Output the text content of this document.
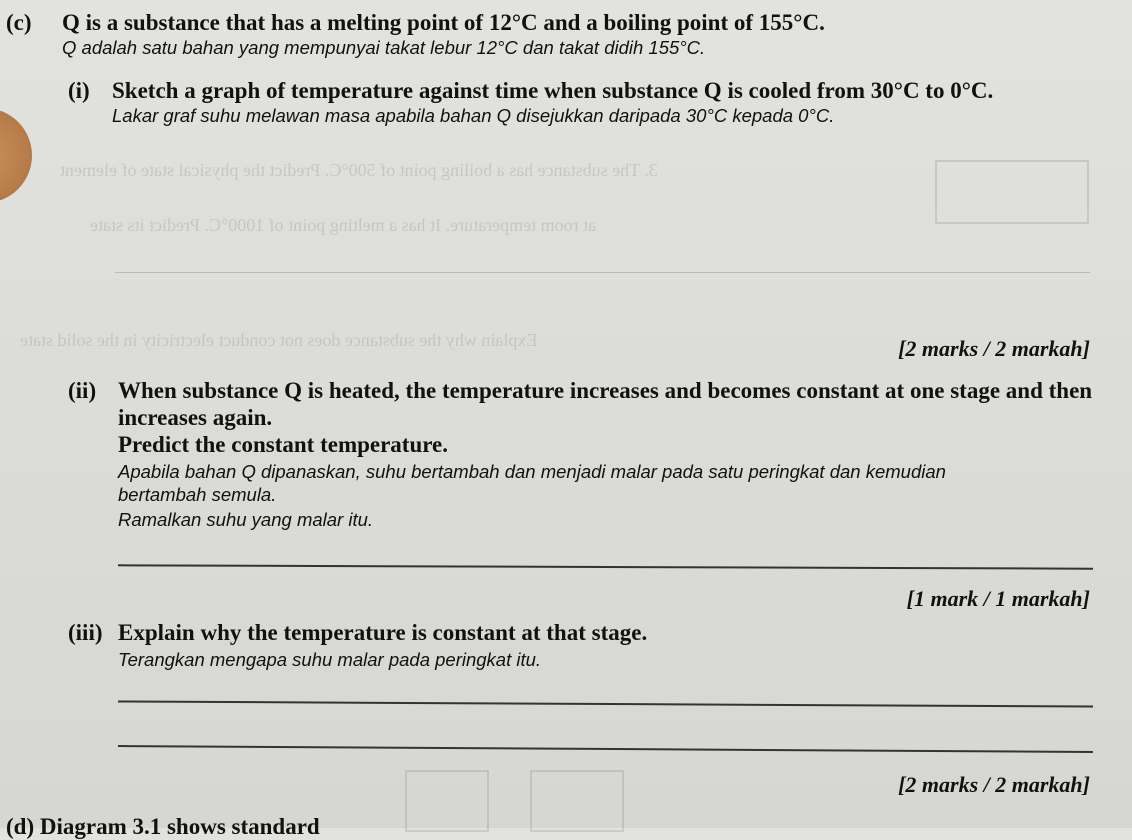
3. The substance has a boiling point of 500°C. Predict the physical state of element
at room temperature. It has a melting point of 1000°C. Predict its state
Explain why the substance does not conduct electricity in the solid state
(c) Q is a substance that has a melting point of 12°C and a boiling point of 155°C.
Q adalah satu bahan yang mempunyai takat lebur 12°C dan takat didih 155°C.
(i) Sketch a graph of temperature against time when substance Q is cooled from 30°C to 0°C.
Lakar graf suhu melawan masa apabila bahan Q disejukkan daripada 30°C kepada 0°C.
[2 marks / 2 markah]
(ii) When substance Q is heated, the temperature increases and becomes constant at one stage and then
increases again.
Predict the constant temperature.
Apabila bahan Q dipanaskan, suhu bertambah dan menjadi malar pada satu peringkat dan kemudian
bertambah semula.
Ramalkan suhu yang malar itu.
[1 mark / 1 markah]
(iii) Explain why the temperature is constant at that stage.
Terangkan mengapa suhu malar pada peringkat itu.
[2 marks / 2 markah]
(d) Diagram 3.1 shows standard
